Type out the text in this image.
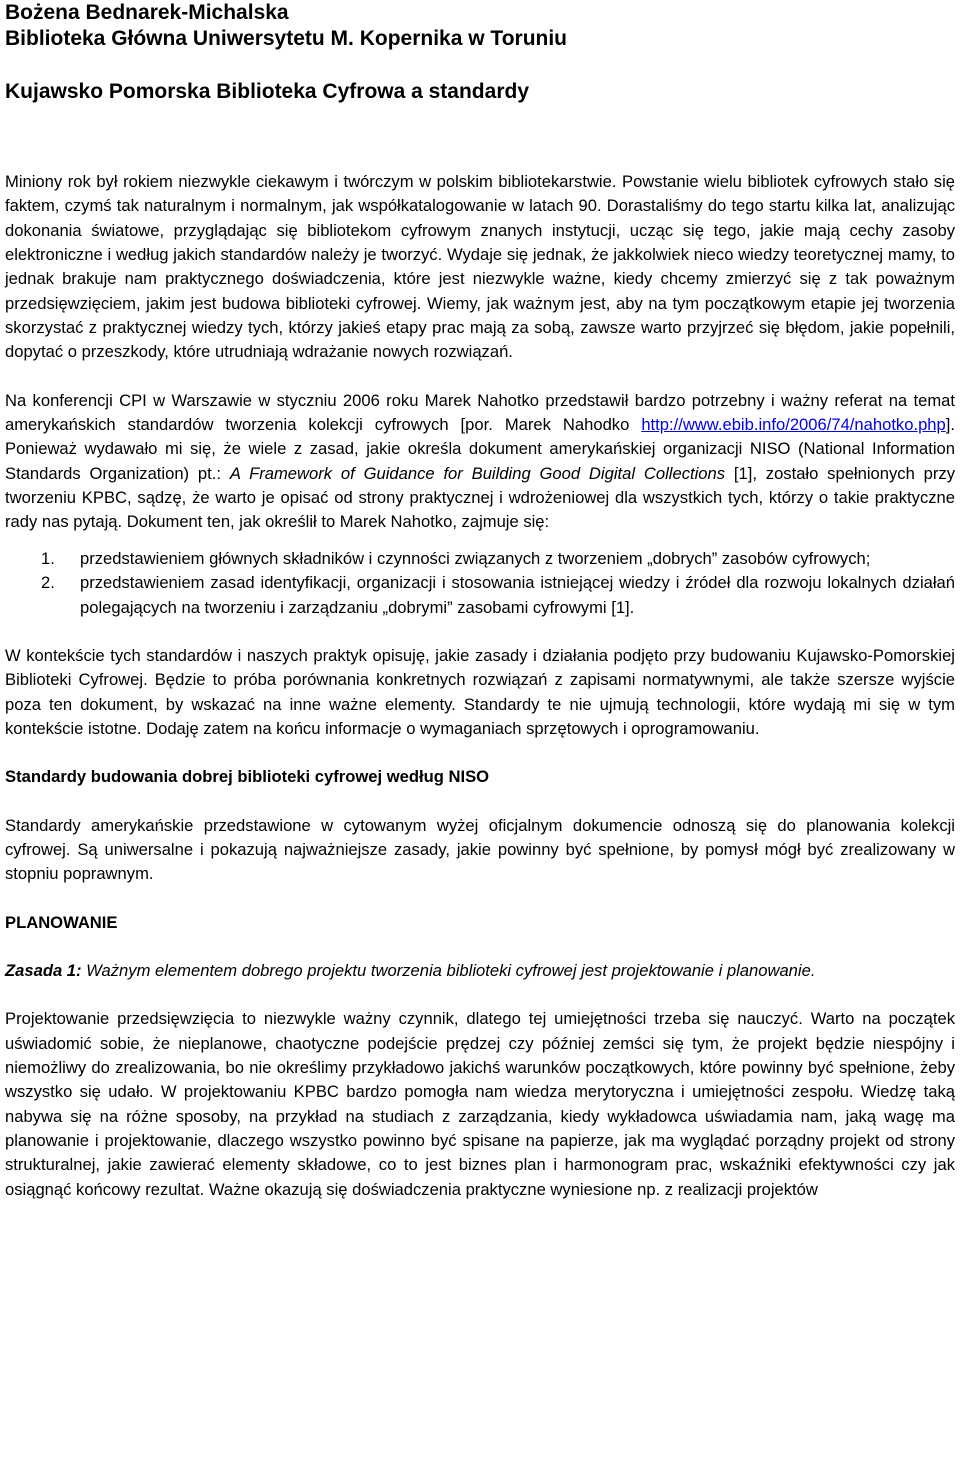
Bożena Bednarek-Michalska
Biblioteka Główna Uniwersytetu M. Kopernika w Toruniu
Kujawsko Pomorska Biblioteka Cyfrowa a standardy

Miniony rok był rokiem niezwykle ciekawym i twórczym w polskim bibliotekarstwie. Powstanie wielu bibliotek cyfrowych stało się faktem, czymś tak naturalnym i normalnym, jak współkatalogowanie w latach 90. Dorastaliśmy do tego startu kilka lat, analizując dokonania światowe, przyglądając się bibliotekom cyfrowym znanych instytucji, ucząc się tego, jakie mają cechy zasoby elektroniczne i według jakich standardów należy je tworzyć. Wydaje się jednak, że jakkolwiek nieco wiedzy teoretycznej mamy, to jednak brakuje nam praktycznego doświadczenia, które jest niezwykle ważne, kiedy chcemy zmierzyć się z tak poważnym przedsięwzięciem, jakim jest budowa biblioteki cyfrowej. Wiemy, jak ważnym jest, aby na tym początkowym etapie jej tworzenia skorzystać z praktycznej wiedzy tych, którzy jakieś etapy prac mają za sobą, zawsze warto przyjrzeć się błędom, jakie popełnili, dopytać o przeszkody, które utrudniają wdrażanie nowych rozwiązań.

Na konferencji CPI w Warszawie w styczniu 2006 roku Marek Nahotko przedstawił bardzo potrzebny i ważny referat na temat amerykańskich standardów tworzenia kolekcji cyfrowych [por. Marek Nahodko http://www.ebib.info/2006/74/nahotko.php]. Ponieważ wydawało mi się, że wiele z zasad, jakie określa dokument amerykańskiej organizacji NISO (National Information Standards Organization) pt.: A Framework of Guidance for Building Good Digital Collections [1], zostało spełnionych przy tworzeniu KPBC, sądzę, że warto je opisać od strony praktycznej i wdrożeniowej dla wszystkich tych, którzy o takie praktyczne rady nas pytają. Dokument ten, jak określił to Marek Nahotko, zajmuje się:

1. przedstawieniem głównych składników i czynności związanych z tworzeniem „dobrych” zasobów cyfrowych;
2. przedstawieniem zasad identyfikacji, organizacji i stosowania istniejącej wiedzy i źródeł dla rozwoju lokalnych działań polegających na tworzeniu i zarządzaniu „dobrymi” zasobami cyfrowymi [1].

W kontekście tych standardów i naszych praktyk opisuję, jakie zasady i działania podjęto przy budowaniu Kujawsko-Pomorskiej Biblioteki Cyfrowej. Będzie to próba porównania konkretnych rozwiązań z zapisami normatywnymi, ale także szersze wyjście poza ten dokument, by wskazać na inne ważne elementy. Standardy te nie ujmują technologii, które wydają mi się w tym kontekście istotne. Dodaję zatem na końcu informacje o wymaganiach sprzętowych i oprogramowaniu.

Standardy budowania dobrej biblioteki cyfrowej według NISO

Standardy amerykańskie przedstawione w cytowanym wyżej oficjalnym dokumencie odnoszą się do planowania kolekcji cyfrowej. Są uniwersalne i pokazują najważniejsze zasady, jakie powinny być spełnione, by pomysł mógł być zrealizowany w stopniu poprawnym.

PLANOWANIE

Zasada 1: Ważnym elementem dobrego projektu tworzenia biblioteki cyfrowej jest projektowanie i planowanie.

Projektowanie przedsięwzięcia to niezwykle ważny czynnik, dlatego tej umiejętności trzeba się nauczyć. Warto na początek uświadomić sobie, że nieplanowe, chaotyczne podejście prędzej czy później zemści się tym, że projekt będzie niespójny i niemożliwy do zrealizowania, bo nie określimy przykładowo jakichś warunków początkowych, które powinny być spełnione, żeby wszystko się udało. W projektowaniu KPBC bardzo pomogła nam wiedza merytoryczna i umiejętności zespołu. Wiedzę taką nabywa się na różne sposoby, na przykład na studiach z zarządzania, kiedy wykładowca uświadamia nam, jaką wagę ma planowanie i projektowanie, dlaczego wszystko powinno być spisane na papierze, jak ma wyglądać porządny projekt od strony strukturalnej, jakie zawierać elementy składowe, co to jest biznes plan i harmonogram prac, wskaźniki efektywności czy jak osiągnąć końcowy rezultat. Ważne okazują się doświadczenia praktyczne wyniesione np. z realizacji projektów
